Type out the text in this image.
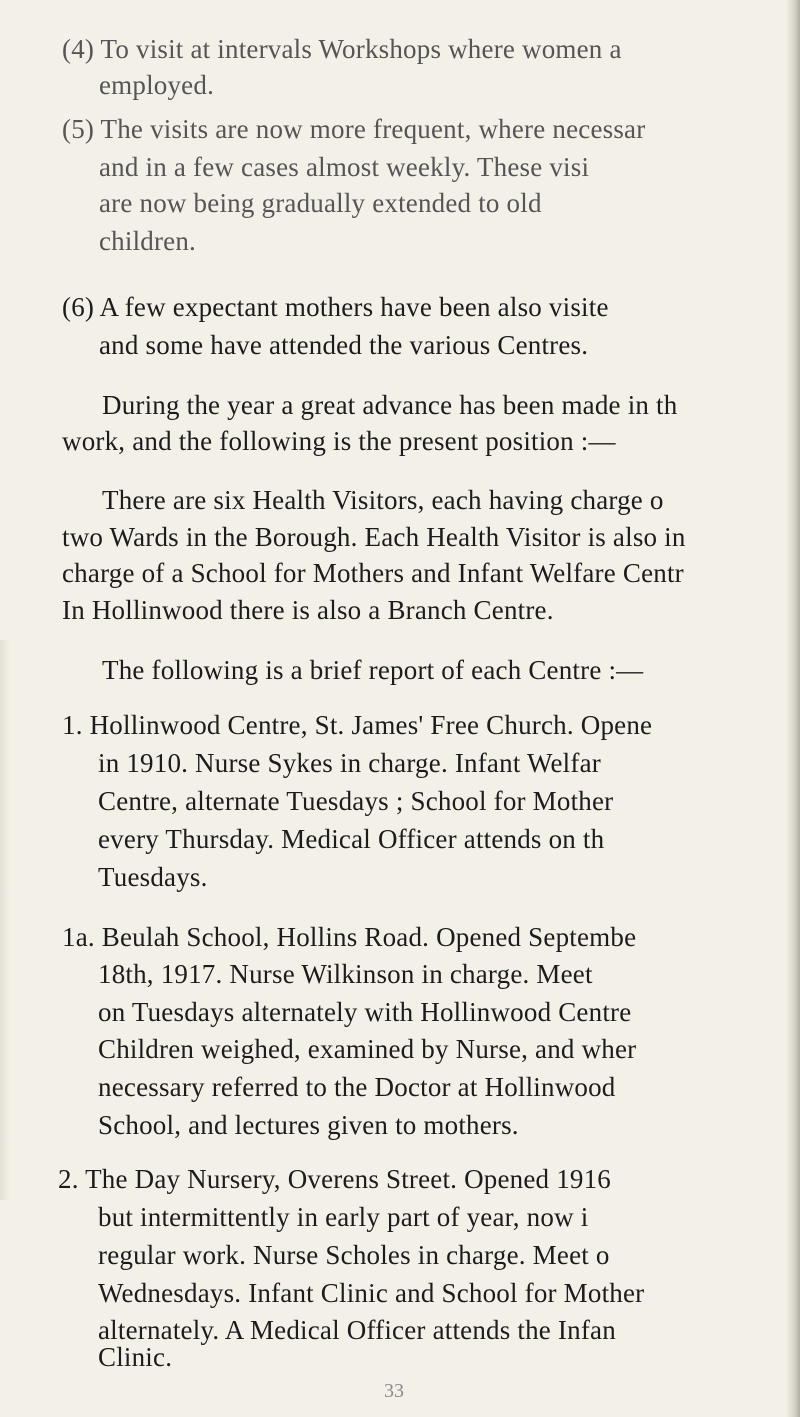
(4) To visit at intervals Workshops where women a
employed.
(5) The visits are now more frequent, where necessar
and in a few cases almost weekly. These visi
are now being gradually extended to old
children.
(6) A few expectant mothers have been also visite
and some have attended the various Centres.
During the year a great advance has been made in th
work, and the following is the present position :—
There are six Health Visitors, each having charge o
two Wards in the Borough. Each Health Visitor is also in
charge of a School for Mothers and Infant Welfare Centr
In Hollinwood there is also a Branch Centre.
The following is a brief report of each Centre :—
1. Hollinwood Centre, St. James' Free Church. Opene
in 1910. Nurse Sykes in charge. Infant Welfar
Centre, alternate Tuesdays ; School for Mother
every Thursday. Medical Officer attends on th
Tuesdays.
1a. Beulah School, Hollins Road. Opened Septembe
18th, 1917. Nurse Wilkinson in charge. Meet
on Tuesdays alternately with Hollinwood Centre
Children weighed, examined by Nurse, and wher
necessary referred to the Doctor at Hollinwood
School, and lectures given to mothers.
2. The Day Nursery, Overens Street. Opened 1916
but intermittently in early part of year, now i
regular work. Nurse Scholes in charge. Meet o
Wednesdays. Infant Clinic and School for Mother
alternately. A Medical Officer attends the Infan
Clinic.
33
